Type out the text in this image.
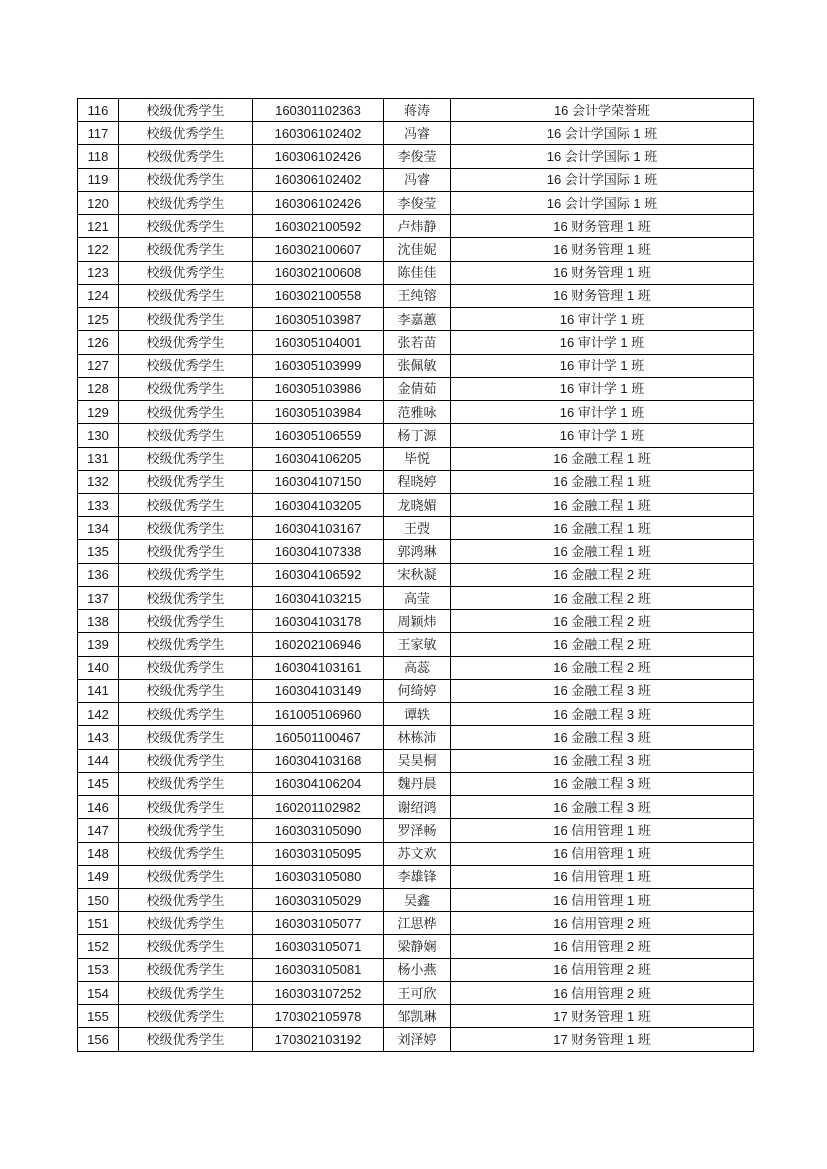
116	校级优秀学生	160301102363	蒋涛	16 会计学荣誉班
117	校级优秀学生	160306102402	冯睿	16 会计学国际 1 班
118	校级优秀学生	160306102426	李俊莹	16 会计学国际 1 班
119	校级优秀学生	160306102402	冯睿	16 会计学国际 1 班
120	校级优秀学生	160306102426	李俊莹	16 会计学国际 1 班
121	校级优秀学生	160302100592	卢炜静	16 财务管理 1 班
122	校级优秀学生	160302100607	沈佳妮	16 财务管理 1 班
123	校级优秀学生	160302100608	陈佳佳	16 财务管理 1 班
124	校级优秀学生	160302100558	王纯镕	16 财务管理 1 班
125	校级优秀学生	160305103987	李嘉蕙	16 审计学 1 班
126	校级优秀学生	160305104001	张若苗	16 审计学 1 班
127	校级优秀学生	160305103999	张佩敏	16 审计学 1 班
128	校级优秀学生	160305103986	金倩茹	16 审计学 1 班
129	校级优秀学生	160305103984	范雅咏	16 审计学 1 班
130	校级优秀学生	160305106559	杨丁源	16 审计学 1 班
131	校级优秀学生	160304106205	毕悦	16 金融工程 1 班
132	校级优秀学生	160304107150	程晓婷	16 金融工程 1 班
133	校级优秀学生	160304103205	龙晓媚	16 金融工程 1 班
134	校级优秀学生	160304103167	王弢	16 金融工程 1 班
135	校级优秀学生	160304107338	郭鸿琳	16 金融工程 1 班
136	校级优秀学生	160304106592	宋秋凝	16 金融工程 2 班
137	校级优秀学生	160304103215	高莹	16 金融工程 2 班
138	校级优秀学生	160304103178	周颖炜	16 金融工程 2 班
139	校级优秀学生	160202106946	王家敏	16 金融工程 2 班
140	校级优秀学生	160304103161	高蕊	16 金融工程 2 班
141	校级优秀学生	160304103149	何绮婷	16 金融工程 3 班
142	校级优秀学生	161005106960	谭轶	16 金融工程 3 班
143	校级优秀学生	160501100467	林栋沛	16 金融工程 3 班
144	校级优秀学生	160304103168	吴昊桐	16 金融工程 3 班
145	校级优秀学生	160304106204	魏丹晨	16 金融工程 3 班
146	校级优秀学生	160201102982	谢绍鸿	16 金融工程 3 班
147	校级优秀学生	160303105090	罗泽畅	16 信用管理 1 班
148	校级优秀学生	160303105095	苏文欢	16 信用管理 1 班
149	校级优秀学生	160303105080	李雄锋	16 信用管理 1 班
150	校级优秀学生	160303105029	吴鑫	16 信用管理 1 班
151	校级优秀学生	160303105077	江思桦	16 信用管理 2 班
152	校级优秀学生	160303105071	梁静娴	16 信用管理 2 班
153	校级优秀学生	160303105081	杨小燕	16 信用管理 2 班
154	校级优秀学生	160303107252	王可欣	16 信用管理 2 班
155	校级优秀学生	170302105978	邹凯琳	17 财务管理 1 班
156	校级优秀学生	170302103192	刘泽婷	17 财务管理 1 班
